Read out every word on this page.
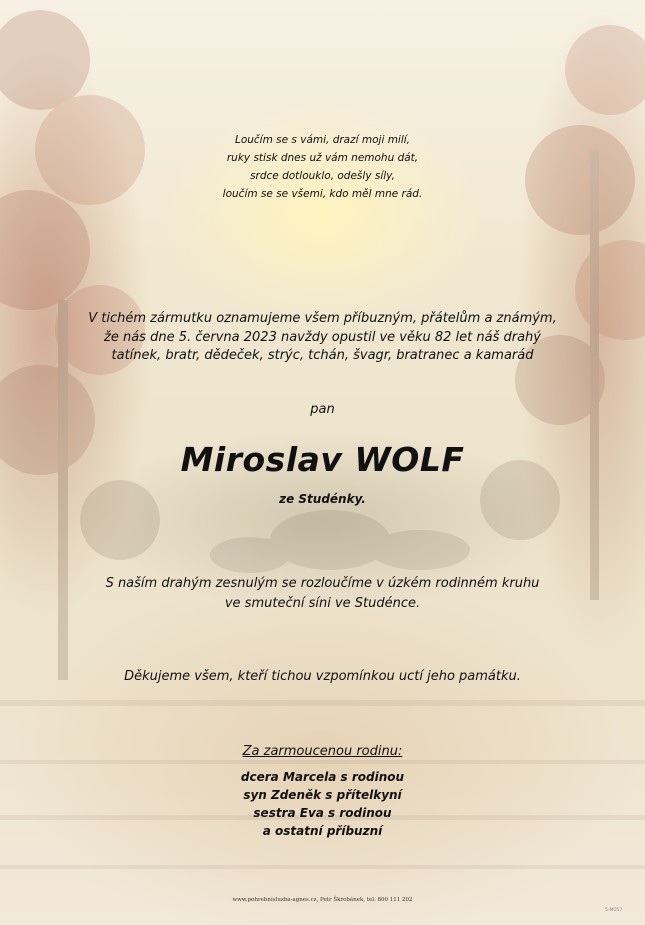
Loučím se s vámi, drazí moji milí,
ruky stisk dnes už vám nemohu dát,
srdce dotlouklo, odešly síly,
loučím se se všemi, kdo měl mne rád.
V tichém zármutku oznamujeme všem příbuzným, přátelům a známým,
že nás dne 5. června 2023 navždy opustil ve věku 82 let náš drahý
tatínek, bratr, dědeček, strýc, tchán, švagr, bratranec a kamarád
pan
Miroslav WOLF
ze Studénky.
S naším drahým zesnulým se rozloučíme v úzkém rodinném kruhu
ve smuteční síni ve Studénce.
Děkujeme všem, kteří tichou vzpomínkou uctí jeho památku.
Za zarmoucenou rodinu:
dcera Marcela s rodinou
syn Zdeněk s přítelkyní
sestra Eva s rodinou
a ostatní příbuzní
www.pohrebnisluzba-agnes.cz, Petr Škrobánek, tel. 800 111 202
5-MÜ57
